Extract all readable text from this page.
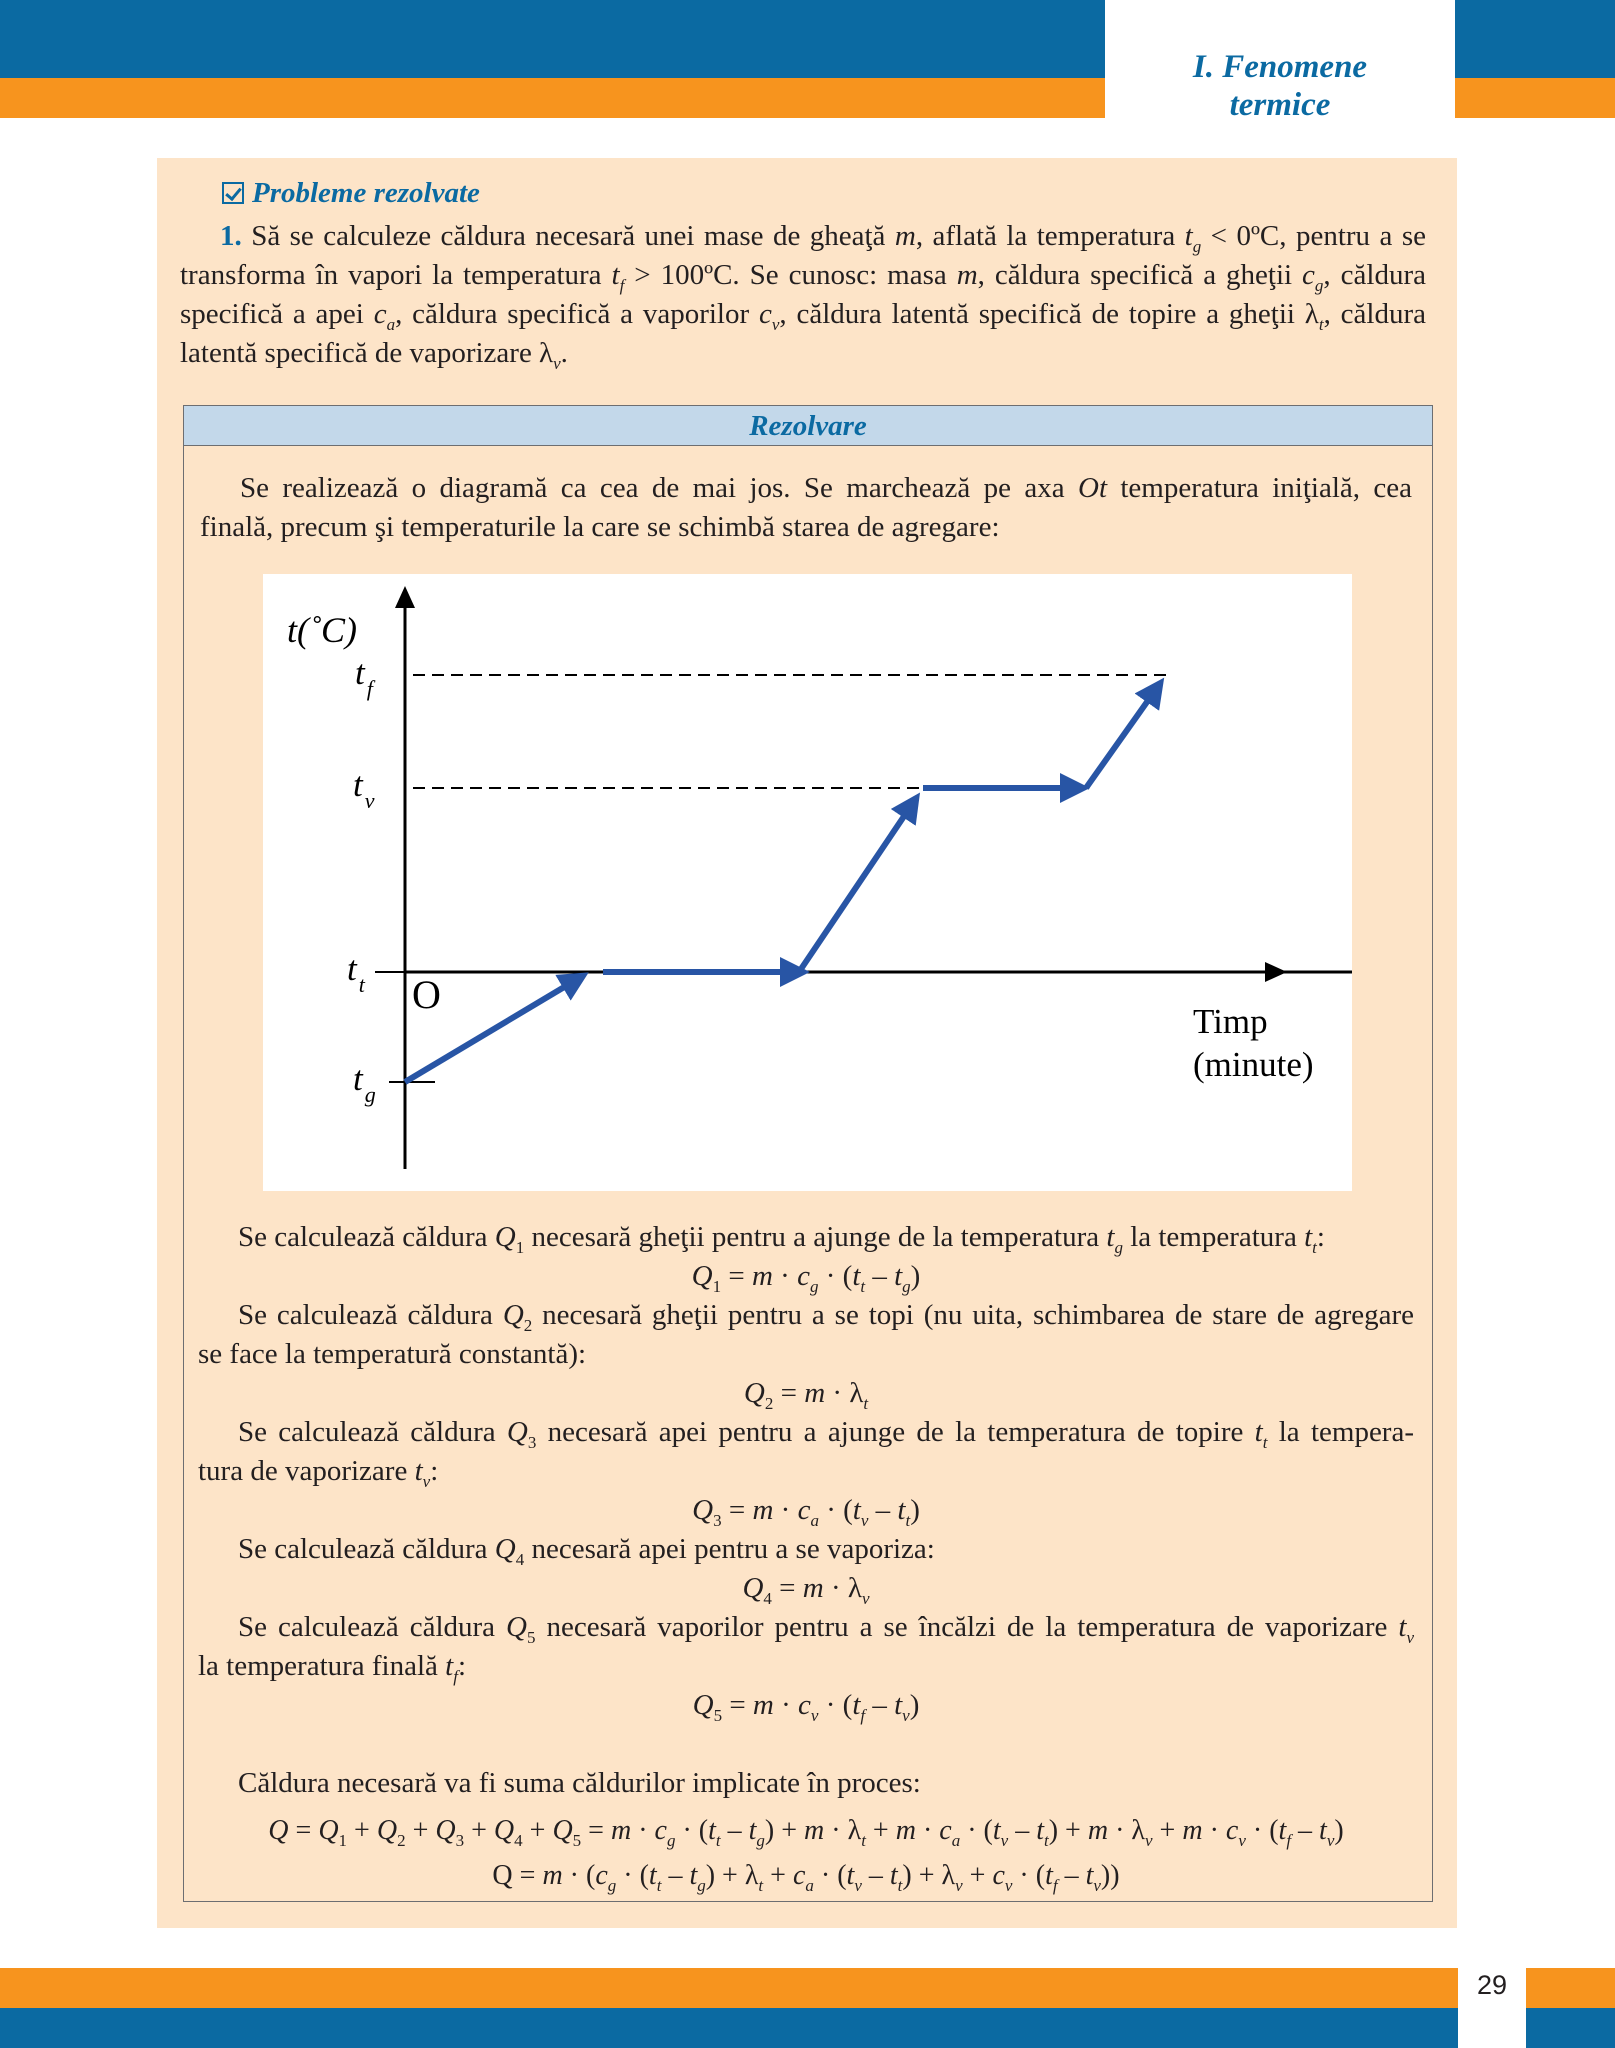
I. Fenomene
termice
Probleme rezolvate
1. Să se calculeze căldura necesară unei mase de gheaţă m, aflată la temperatura $t_g$ < 0ºC, pentru a se
transforma în vapori la temperatura $t_f$ > 100ºC. Se cunosc: masa m, căldura specifică a gheţii $c_g$, căldura
specifică a apei $c_a$, căldura specifică a vaporilor $c_v$, căldura latentă specifică de topire a gheţii $\lambda_t$, căldura
latentă specifică de vaporizare $\lambda_v$.
Rezolvare
Se realizează o diagramă ca cea de mai jos. Se marchează pe axa Ot temperatura iniţială, cea
finală, precum şi temperaturile la care se schimbă starea de agregare:
t(˚C)
$t_f$
$t_v$
$t_t$
$t_g$
O
Timp
(minute)
Se calculează căldura $Q_1$ necesară gheţii pentru a ajunge de la temperatura $t_g$ la temperatura $t_t$:
$Q_1 = m \cdot c_g \cdot (t_t - t_g)$
Se calculează căldura $Q_2$ necesară gheţii pentru a se topi (nu uita, schimbarea de stare de agregare
se face la temperatură constantă):
$Q_2 = m \cdot \lambda_t$
Se calculează căldura $Q_3$ necesară apei pentru a ajunge de la temperatura de topire $t_t$ la tempera-
tura de vaporizare $t_v$:
$Q_3 = m \cdot c_a \cdot (t_v - t_t)$
Se calculează căldura $Q_4$ necesară apei pentru a se vaporiza:
$Q_4 = m \cdot \lambda_v$
Se calculează căldura $Q_5$ necesară vaporilor pentru a se încălzi de la temperatura de vaporizare $t_v$
la temperatura finală $t_f$:
$Q_5 = m \cdot c_v \cdot (t_f - t_v)$
Căldura necesară va fi suma căldurilor implicate în proces:
$Q = Q_1 + Q_2 + Q_3 + Q_4 + Q_5 = m \cdot c_g \cdot (t_t - t_g) + m \cdot \lambda_t + m \cdot c_a \cdot (t_v - t_t) + m \cdot \lambda_v + m \cdot c_v \cdot (t_f - t_v)$
$Q = m \cdot (c_g \cdot (t_t - t_g) + \lambda_t + c_a \cdot (t_v - t_t) + \lambda_v + c_v \cdot (t_f - t_v))$
29
